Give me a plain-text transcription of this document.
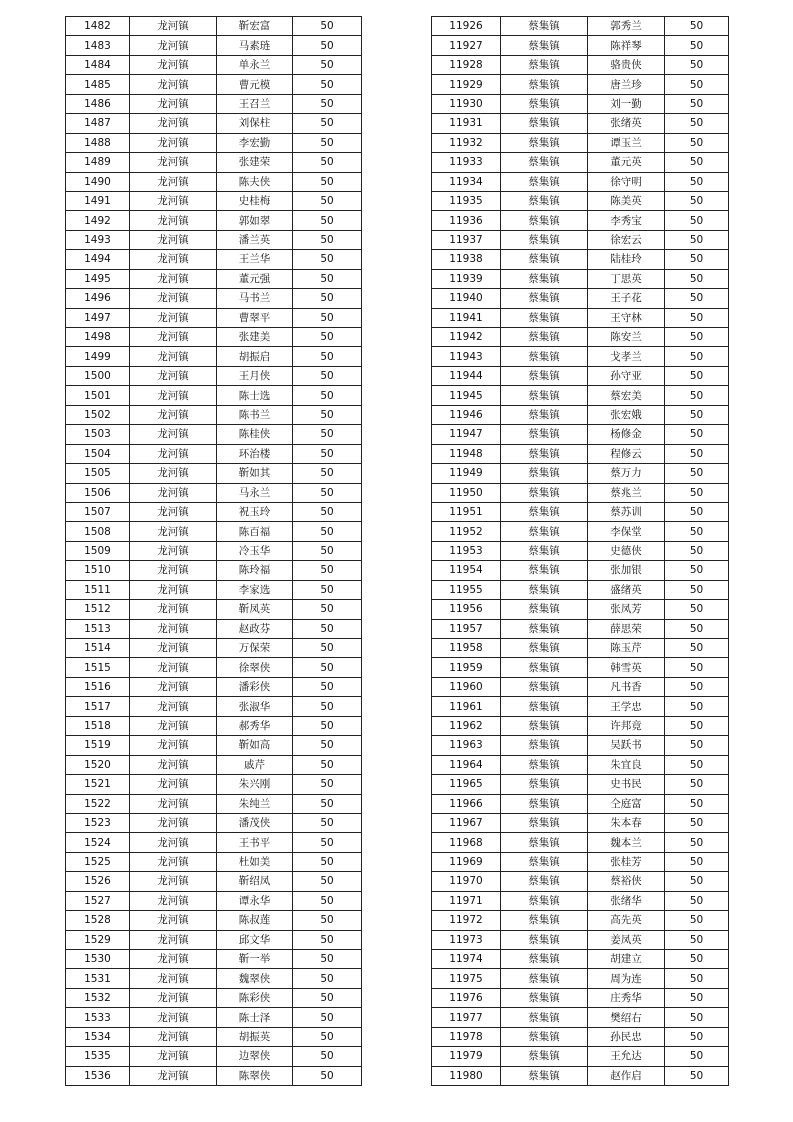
1482	龙河镇	靳宏富	50
1483	龙河镇	马素琏	50
1484	龙河镇	单永兰	50
1485	龙河镇	曹元模	50
1486	龙河镇	王召兰	50
1487	龙河镇	刘保柱	50
1488	龙河镇	李宏勤	50
1489	龙河镇	张建荣	50
1490	龙河镇	陈夫侠	50
1491	龙河镇	史桂梅	50
1492	龙河镇	郭如翠	50
1493	龙河镇	潘兰英	50
1494	龙河镇	王兰华	50
1495	龙河镇	董元强	50
1496	龙河镇	马书兰	50
1497	龙河镇	曹翠平	50
1498	龙河镇	张建美	50
1499	龙河镇	胡振启	50
1500	龙河镇	王月侠	50
1501	龙河镇	陈士选	50
1502	龙河镇	陈书兰	50
1503	龙河镇	陈桂侠	50
1504	龙河镇	环治楼	50
1505	龙河镇	靳如其	50
1506	龙河镇	马永兰	50
1507	龙河镇	祝玉玲	50
1508	龙河镇	陈百福	50
1509	龙河镇	冷玉华	50
1510	龙河镇	陈玲福	50
1511	龙河镇	李家选	50
1512	龙河镇	靳凤英	50
1513	龙河镇	赵政芬	50
1514	龙河镇	万保荣	50
1515	龙河镇	徐翠侠	50
1516	龙河镇	潘彩侠	50
1517	龙河镇	张淑华	50
1518	龙河镇	郝秀华	50
1519	龙河镇	靳如高	50
1520	龙河镇	戚芹	50
1521	龙河镇	朱兴刚	50
1522	龙河镇	朱纯兰	50
1523	龙河镇	潘茂侠	50
1524	龙河镇	王书平	50
1525	龙河镇	杜如美	50
1526	龙河镇	靳绍凤	50
1527	龙河镇	谭永华	50
1528	龙河镇	陈叔莲	50
1529	龙河镇	邱文华	50
1530	龙河镇	靳一举	50
1531	龙河镇	魏翠侠	50
1532	龙河镇	陈彩侠	50
1533	龙河镇	陈士泽	50
1534	龙河镇	胡振英	50
1535	龙河镇	边翠侠	50
1536	龙河镇	陈翠侠	50
11926	蔡集镇	郭秀兰	50
11927	蔡集镇	陈祥琴	50
11928	蔡集镇	骆贵侠	50
11929	蔡集镇	唐兰珍	50
11930	蔡集镇	刘一勤	50
11931	蔡集镇	张绪英	50
11932	蔡集镇	谭玉兰	50
11933	蔡集镇	董元英	50
11934	蔡集镇	徐守明	50
11935	蔡集镇	陈美英	50
11936	蔡集镇	李秀宝	50
11937	蔡集镇	徐宏云	50
11938	蔡集镇	陆桂玲	50
11939	蔡集镇	丁思英	50
11940	蔡集镇	王子花	50
11941	蔡集镇	王守林	50
11942	蔡集镇	陈安兰	50
11943	蔡集镇	戈孝兰	50
11944	蔡集镇	孙守亚	50
11945	蔡集镇	蔡宏美	50
11946	蔡集镇	张宏娥	50
11947	蔡集镇	杨修金	50
11948	蔡集镇	程修云	50
11949	蔡集镇	蔡万力	50
11950	蔡集镇	蔡兆兰	50
11951	蔡集镇	蔡苏训	50
11952	蔡集镇	李保堂	50
11953	蔡集镇	史德侠	50
11954	蔡集镇	张加银	50
11955	蔡集镇	盛绪英	50
11956	蔡集镇	张凤芳	50
11957	蔡集镇	薛思荣	50
11958	蔡集镇	陈玉芹	50
11959	蔡集镇	韩雪英	50
11960	蔡集镇	凡书香	50
11961	蔡集镇	王学忠	50
11962	蔡集镇	许邦竟	50
11963	蔡集镇	吴跃书	50
11964	蔡集镇	朱宜良	50
11965	蔡集镇	史书民	50
11966	蔡集镇	仝庭富	50
11967	蔡集镇	朱本春	50
11968	蔡集镇	魏本兰	50
11969	蔡集镇	张桂芳	50
11970	蔡集镇	蔡裕侠	50
11971	蔡集镇	张绪华	50
11972	蔡集镇	高先英	50
11973	蔡集镇	姜凤英	50
11974	蔡集镇	胡建立	50
11975	蔡集镇	周为连	50
11976	蔡集镇	庄秀华	50
11977	蔡集镇	樊绍右	50
11978	蔡集镇	孙民忠	50
11979	蔡集镇	王允达	50
11980	蔡集镇	赵作启	50
